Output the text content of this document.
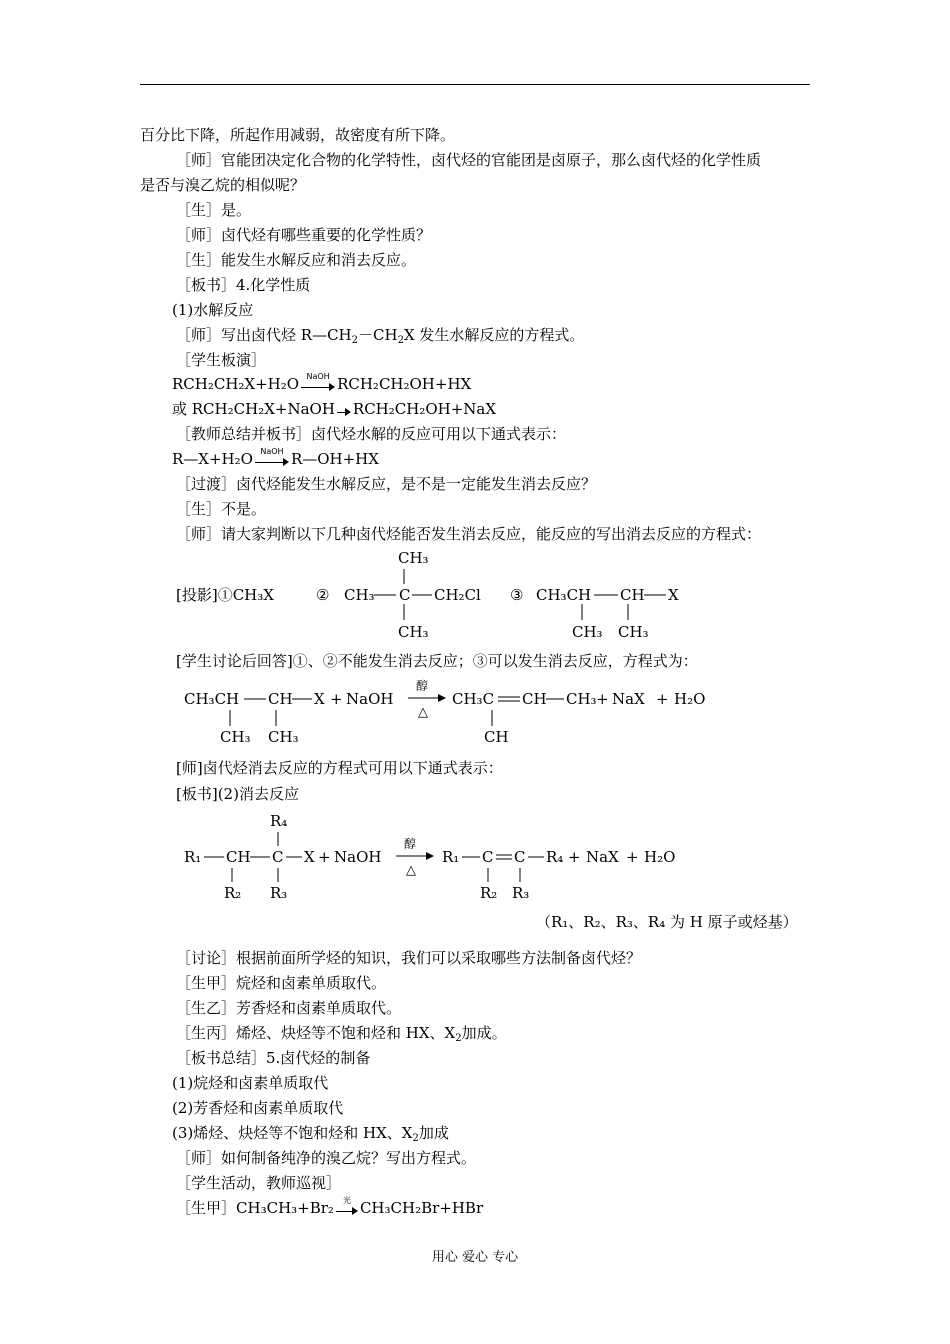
百分比下降，所起作用减弱，故密度有所下降。
［师］官能团决定化合物的化学特性，卤代烃的官能团是卤原子，那么卤代烃的化学性质
是否与溴乙烷的相似呢？
［生］是。
［师］卤代烃有哪些重要的化学性质？
［生］能发生水解反应和消去反应。
［板书］4.化学性质
(1)水解反应
［师］写出卤代烃 $R—CH_2-CH_2X$ 发生水解反应的方程式。
［学生板演］
RCH₂CH₂X+H₂O NaOH RCH₂CH₂OH+HX
或 RCH₂CH₂X+NaOH RCH₂CH₂OH+NaX
［教师总结并板书］卤代烃水解的反应可用以下通式表示：
R—X+H₂O NaOH R—OH+HX
［过渡］卤代烃能发生水解反应，是不是一定能发生消去反应？
［生］不是。
［师］请大家判断以下几种卤代烃能否发生消去反应，能反应的写出消去反应的方程式：
[投影]①CH₃X	② CH₃ C CH₂Cl
CH₃
CH₃
③ CH₃CH CH X
CH₃ CH₃
[学生讨论后回答]①、②不能发生消去反应；③可以发生消去反应，方程式为：
CH₃CH CH X + NaOH	+
CH₃ CH₃
醇
△
CH₃C CH CH₃ NaX + H₂O
CH
[师]卤代烃消去反应的方程式可用以下通式表示：
[板书](2)消去反应
R₁ CH C X + NaOH
R₄
R₂ R₃
醇
△
R₁ C C R₄ + NaX + H₂O
R₂ R₃
（R₁、R₂、R₃、R₄ 为 H 原子或烃基）
［讨论］根据前面所学烃的知识，我们可以采取哪些方法制备卤代烃？
［生甲］烷烃和卤素单质取代。
［生乙］芳香烃和卤素单质取代。
［生丙］烯烃、炔烃等不饱和烃和 HX、$X_2$加成。
［板书总结］5.卤代烃的制备
(1)烷烃和卤素单质取代
(2)芳香烃和卤素单质取代
(3)烯烃、炔烃等不饱和烃和 HX、$X_2$加成
［师］如何制备纯净的溴乙烷？写出方程式。
［学生活动，教师巡视］
［生甲］CH₃CH₃+Br₂	光 CH₃CH₂Br+HBr
用心 爱心 专心
